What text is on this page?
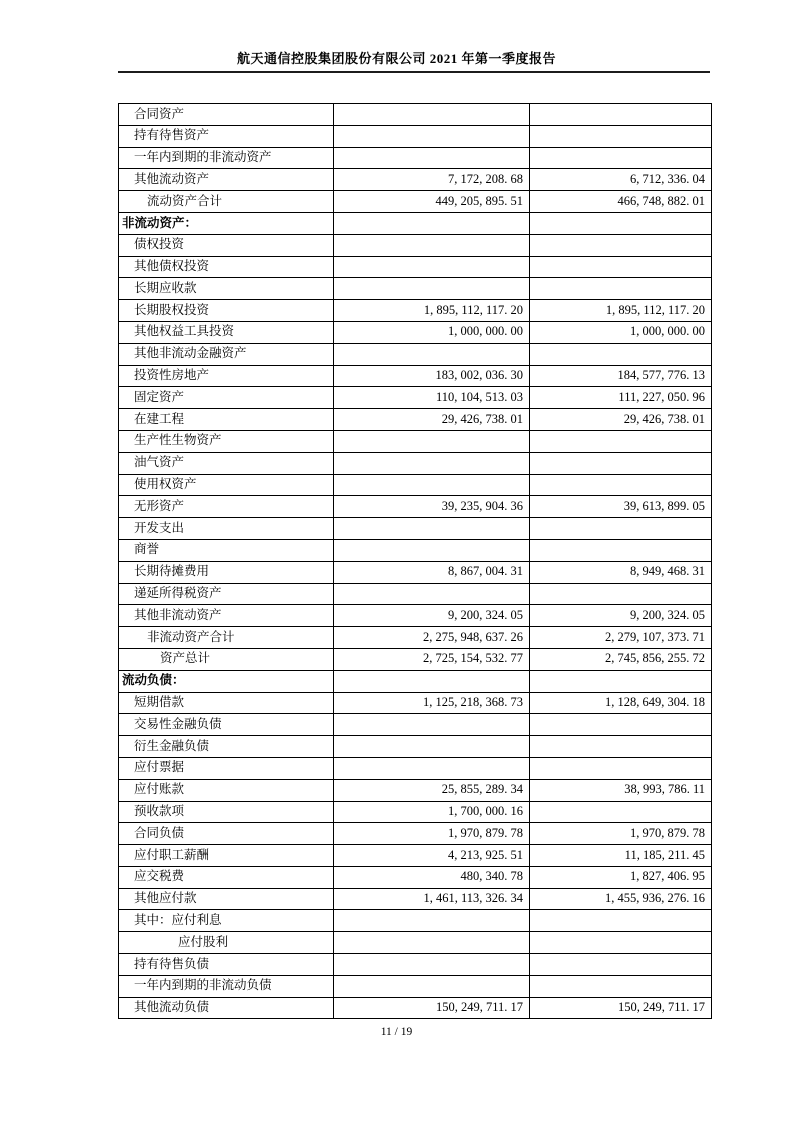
航天通信控股集团股份有限公司 2021 年第一季度报告
合同资产		
持有待售资产		
一年内到期的非流动资产		
其他流动资产	7, 172, 208. 68	6, 712, 336. 04
流动资产合计	449, 205, 895. 51	466, 748, 882. 01
非流动资产：		
债权投资		
其他债权投资		
长期应收款		
长期股权投资	1, 895, 112, 117. 20	1, 895, 112, 117. 20
其他权益工具投资	1, 000, 000. 00	1, 000, 000. 00
其他非流动金融资产		
投资性房地产	183, 002, 036. 30	184, 577, 776. 13
固定资产	110, 104, 513. 03	111, 227, 050. 96
在建工程	29, 426, 738. 01	29, 426, 738. 01
生产性生物资产		
油气资产		
使用权资产		
无形资产	39, 235, 904. 36	39, 613, 899. 05
开发支出		
商誉		
长期待摊费用	8, 867, 004. 31	8, 949, 468. 31
递延所得税资产		
其他非流动资产	9, 200, 324. 05	9, 200, 324. 05
非流动资产合计	2, 275, 948, 637. 26	2, 279, 107, 373. 71
资产总计	2, 725, 154, 532. 77	2, 745, 856, 255. 72
流动负债：		
短期借款	1, 125, 218, 368. 73	1, 128, 649, 304. 18
交易性金融负债		
衍生金融负债		
应付票据		
应付账款	25, 855, 289. 34	38, 993, 786. 11
预收款项	1, 700, 000. 16	
合同负债	1, 970, 879. 78	1, 970, 879. 78
应付职工薪酬	4, 213, 925. 51	11, 185, 211. 45
应交税费	480, 340. 78	1, 827, 406. 95
其他应付款	1, 461, 113, 326. 34	1, 455, 936, 276. 16
其中：应付利息		
应付股利		
持有待售负债		
一年内到期的非流动负债		
其他流动负债	150, 249, 711. 17	150, 249, 711. 17
11 / 19
